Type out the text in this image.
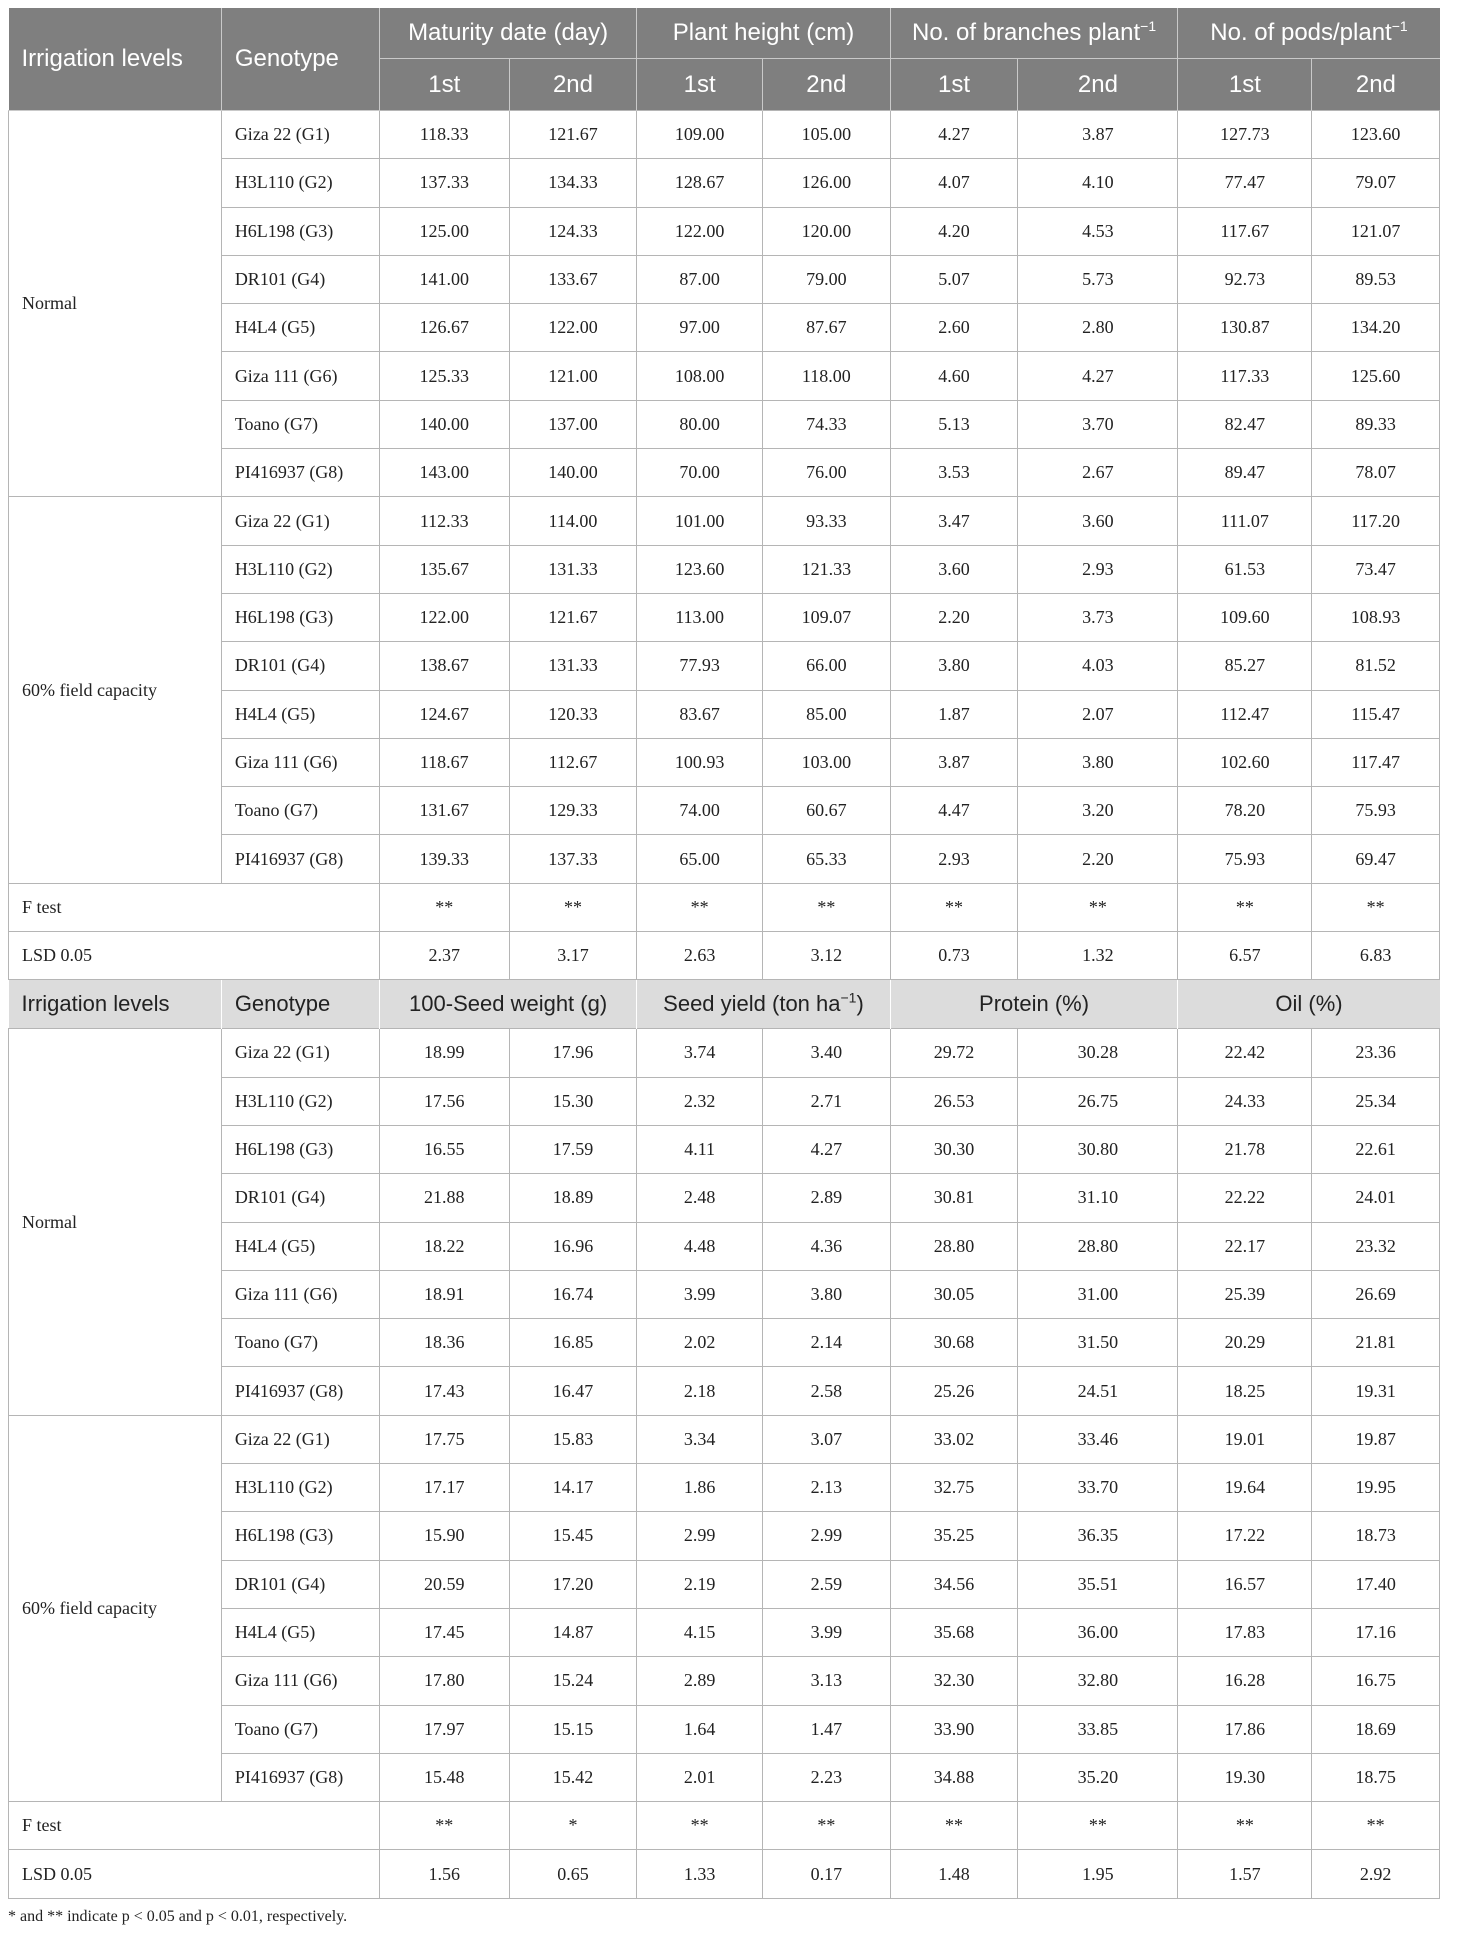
Irrigation levels	Genotype	Maturity date (day)		Plant height (cm)		No. of branches plant$^{-1}$		No. of pods/plant$^{-1}$
		1st	2nd	1st	2nd	1st	2nd	1st	2nd
Normal	Giza 22 (G1)	118.33	121.67	109.00	105.00	4.27	3.87	127.73	123.60
	H3L110 (G2)	137.33	134.33	128.67	126.00	4.07	4.10	77.47	79.07
	H6L198 (G3)	125.00	124.33	122.00	120.00	4.20	4.53	117.67	121.07
	DR101 (G4)	141.00	133.67	87.00	79.00	5.07	5.73	92.73	89.53
	H4L4 (G5)	126.67	122.00	97.00	87.67	2.60	2.80	130.87	134.20
	Giza 111 (G6)	125.33	121.00	108.00	118.00	4.60	4.27	117.33	125.60
	Toano (G7)	140.00	137.00	80.00	74.33	5.13	3.70	82.47	89.33
	PI416937 (G8)	143.00	140.00	70.00	76.00	3.53	2.67	89.47	78.07
60% field capacity	Giza 22 (G1)	112.33	114.00	101.00	93.33	3.47	3.60	111.07	117.20
	H3L110 (G2)	135.67	131.33	123.60	121.33	3.60	2.93	61.53	73.47
	H6L198 (G3)	122.00	121.67	113.00	109.07	2.20	3.73	109.60	108.93
	DR101 (G4)	138.67	131.33	77.93	66.00	3.80	4.03	85.27	81.52
	H4L4 (G5)	124.67	120.33	83.67	85.00	1.87	2.07	112.47	115.47
	Giza 111 (G6)	118.67	112.67	100.93	103.00	3.87	3.80	102.60	117.47
	Toano (G7)	131.67	129.33	74.00	60.67	4.47	3.20	78.20	75.93
	PI416937 (G8)	139.33	137.33	65.00	65.33	2.93	2.20	75.93	69.47
F test		**	**	**	**	**	**	**	**
LSD 0.05		2.37	3.17	2.63	3.12	0.73	1.32	6.57	6.83
Irrigation levels	Genotype	100-Seed weight (g)		Seed yield (ton $ha^{-1}$)		Protein (%)		Oil (%)	
Normal	Giza 22 (G1)	18.99	17.96	3.74	3.40	29.72	30.28	22.42	23.36
	H3L110 (G2)	17.56	15.30	2.32	2.71	26.53	26.75	24.33	25.34
	H6L198 (G3)	16.55	17.59	4.11	4.27	30.30	30.80	21.78	22.61
	DR101 (G4)	21.88	18.89	2.48	2.89	30.81	31.10	22.22	24.01
	H4L4 (G5)	18.22	16.96	4.48	4.36	28.80	28.80	22.17	23.32
	Giza 111 (G6)	18.91	16.74	3.99	3.80	30.05	31.00	25.39	26.69
	Toano (G7)	18.36	16.85	2.02	2.14	30.68	31.50	20.29	21.81
	PI416937 (G8)	17.43	16.47	2.18	2.58	25.26	24.51	18.25	19.31
60% field capacity	Giza 22 (G1)	17.75	15.83	3.34	3.07	33.02	33.46	19.01	19.87
	H3L110 (G2)	17.17	14.17	1.86	2.13	32.75	33.70	19.64	19.95
	H6L198 (G3)	15.90	15.45	2.99	2.99	35.25	36.35	17.22	18.73
	DR101 (G4)	20.59	17.20	2.19	2.59	34.56	35.51	16.57	17.40
	H4L4 (G5)	17.45	14.87	4.15	3.99	35.68	36.00	17.83	17.16
	Giza 111 (G6)	17.80	15.24	2.89	3.13	32.30	32.80	16.28	16.75
	Toano (G7)	17.97	15.15	1.64	1.47	33.90	33.85	17.86	18.69
	PI416937 (G8)	15.48	15.42	2.01	2.23	34.88	35.20	19.30	18.75
F test		**	*	**	**	**	**	**	**
LSD 0.05		1.56	0.65	1.33	0.17	1.48	1.95	1.57	2.92
* and ** indicate p < 0.05 and p < 0.01, respectively.
